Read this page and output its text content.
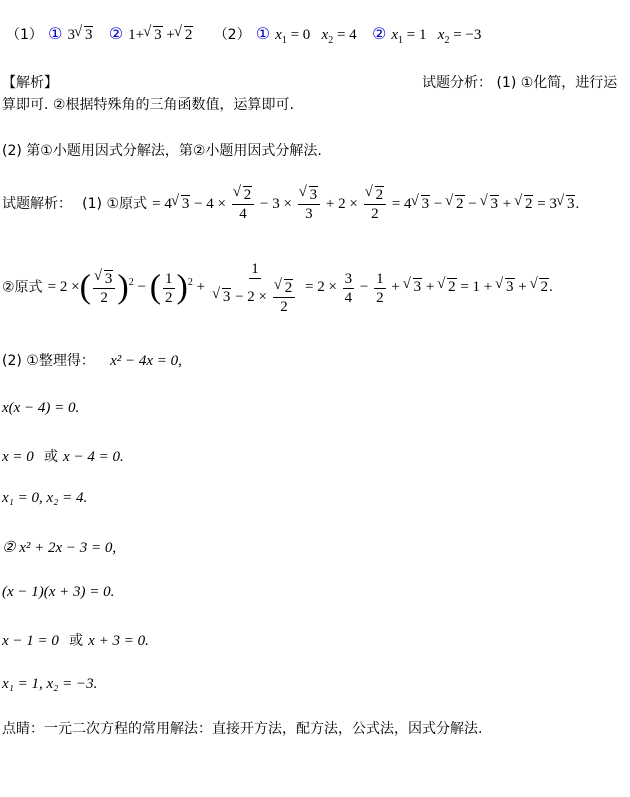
（1） ① 3√ 3 ② 1+√ 3 +√ 2 （2） ① $x_1 = 0$ $x_2 = 4$ ② $x_1 = 1$ $x_2 = -3$
【解析】	试题分析： (1) ①化简，进行运
算即可. ②根据特殊角的三角函数值，运算即可.
(2) 第①小题用因式分解法，第②小题用因式分解法.
试题解析： (1) ①原式 = 4√ 3 − 4 ×
√ $\frac{2}{4} - 3$ ×
√ $\frac{3}{3} + 2$ ×
√ $\frac{2}{2} = 4√$ 3 − √ 2 − √ 3 + √ 2 = 3√ 3.
②原式 = 2 ×(
√ $\frac{3}{2} )^2$ − ( $\frac{1}{2} )^2 + 1$
√ 3 − 2 ×
√ $\frac{2}{2} = 2 \times \frac{3}{4} - \frac{1}{2}$ + √ 3 + √ 2 = 1 + √ 3 + √ 2.
(2) ①整理得： x² − 4x = 0,
x(x − 4) = 0.
x = 0 或 x − 4 = 0.
x₁ = 0, x₂ = 4.
② x² + 2x − 3 = 0,
(x − 1)(x + 3) = 0.
x − 1 = 0 或 x + 3 = 0.
x₁ = 1, x₂ = −3.
点睛：一元二次方程的常用解法：直接开方法，配方法，公式法，因式分解法.
